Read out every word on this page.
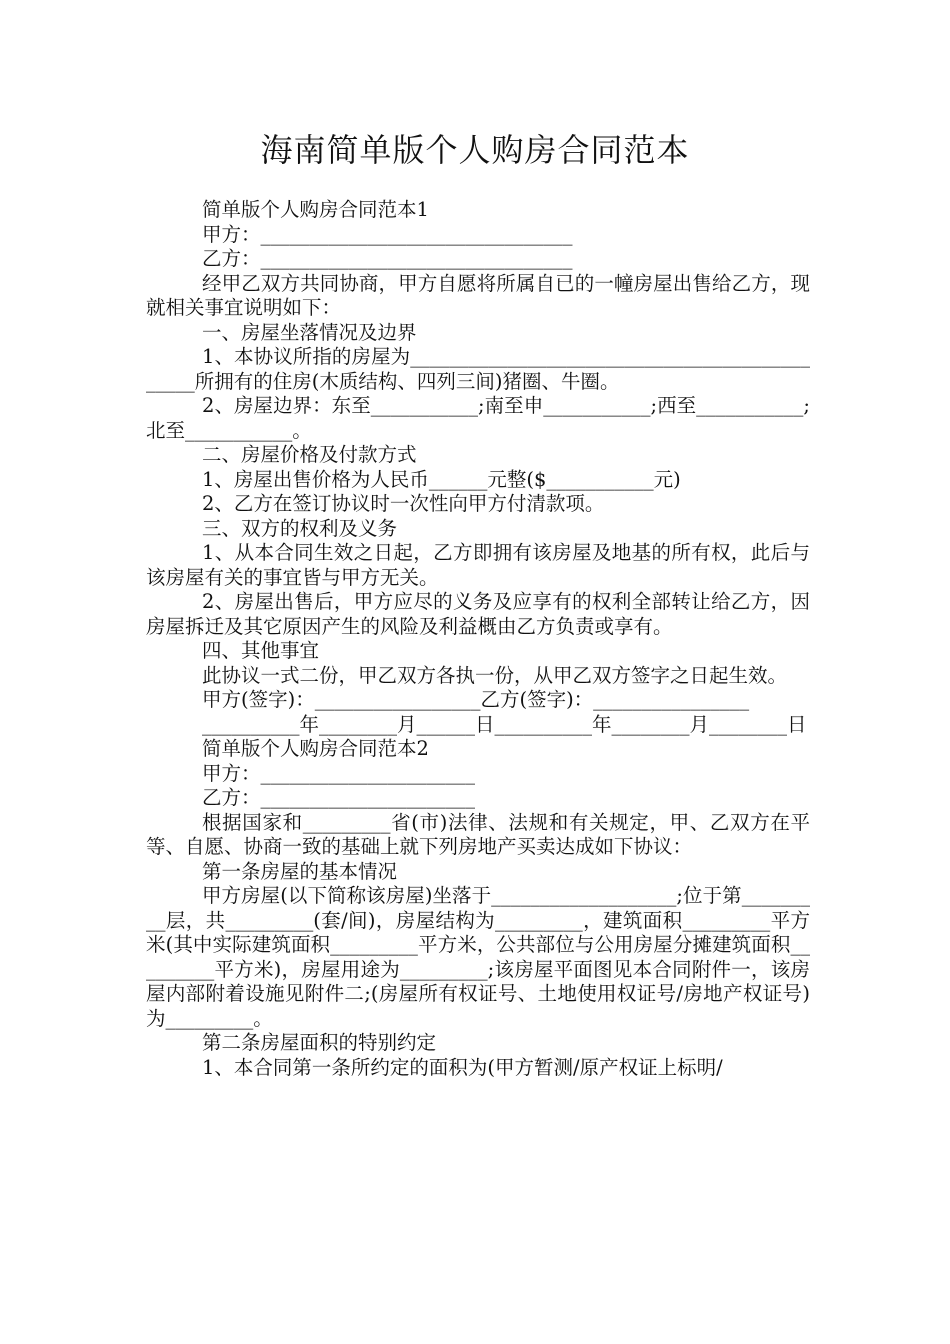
海南简单版个人购房合同范本

简单版个人购房合同范本1

甲方：________________________________

乙方：________________________________

经甲乙双方共同协商，甲方自愿将所属自已的一幢房屋出售给乙方，现就相关事宜说明如下：

一、房屋坐落情况及边界

1、本协议所指的房屋为______________________________________________所拥有的住房(木质结构、四列三间)猪圈、牛圈。

2、房屋边界：东至___________;南至申___________;西至___________;北至___________。

二、房屋价格及付款方式

1、房屋出售价格为人民币______元整($___________元)

2、乙方在签订协议时一次性向甲方付清款项。

三、双方的权利及义务

1、从本合同生效之日起，乙方即拥有该房屋及地基的所有权，此后与该房屋有关的事宜皆与甲方无关。

2、房屋出售后，甲方应尽的义务及应享有的权利全部转让给乙方，因房屋拆迁及其它原因产生的风险及利益概由乙方负责或享有。

四、其他事宜

此协议一式二份，甲乙双方各执一份，从甲乙双方签字之日起生效。

甲方(签字)：_________________乙方(签字)：________________

__________年________月______日__________年________月________日

简单版个人购房合同范本2

甲方：______________________

乙方：______________________

根据国家和_________省(市)法律、法规和有关规定，甲、乙双方在平等、自愿、协商一致的基础上就下列房地产买卖达成如下协议：

第一条房屋的基本情况

甲方房屋(以下简称该房屋)坐落于___________________;位于第_________层，共_________(套/间)，房屋结构为_________，建筑面积_________平方米(其中实际建筑面积_________平方米，公共部位与公用房屋分摊建筑面积_________平方米)，房屋用途为_________;该房屋平面图见本合同附件一，该房屋内部附着设施见附件二;(房屋所有权证号、土地使用权证号/房地产权证号)为_________。

第二条房屋面积的特别约定

1、本合同第一条所约定的面积为(甲方暂测/原产权证上标明/
